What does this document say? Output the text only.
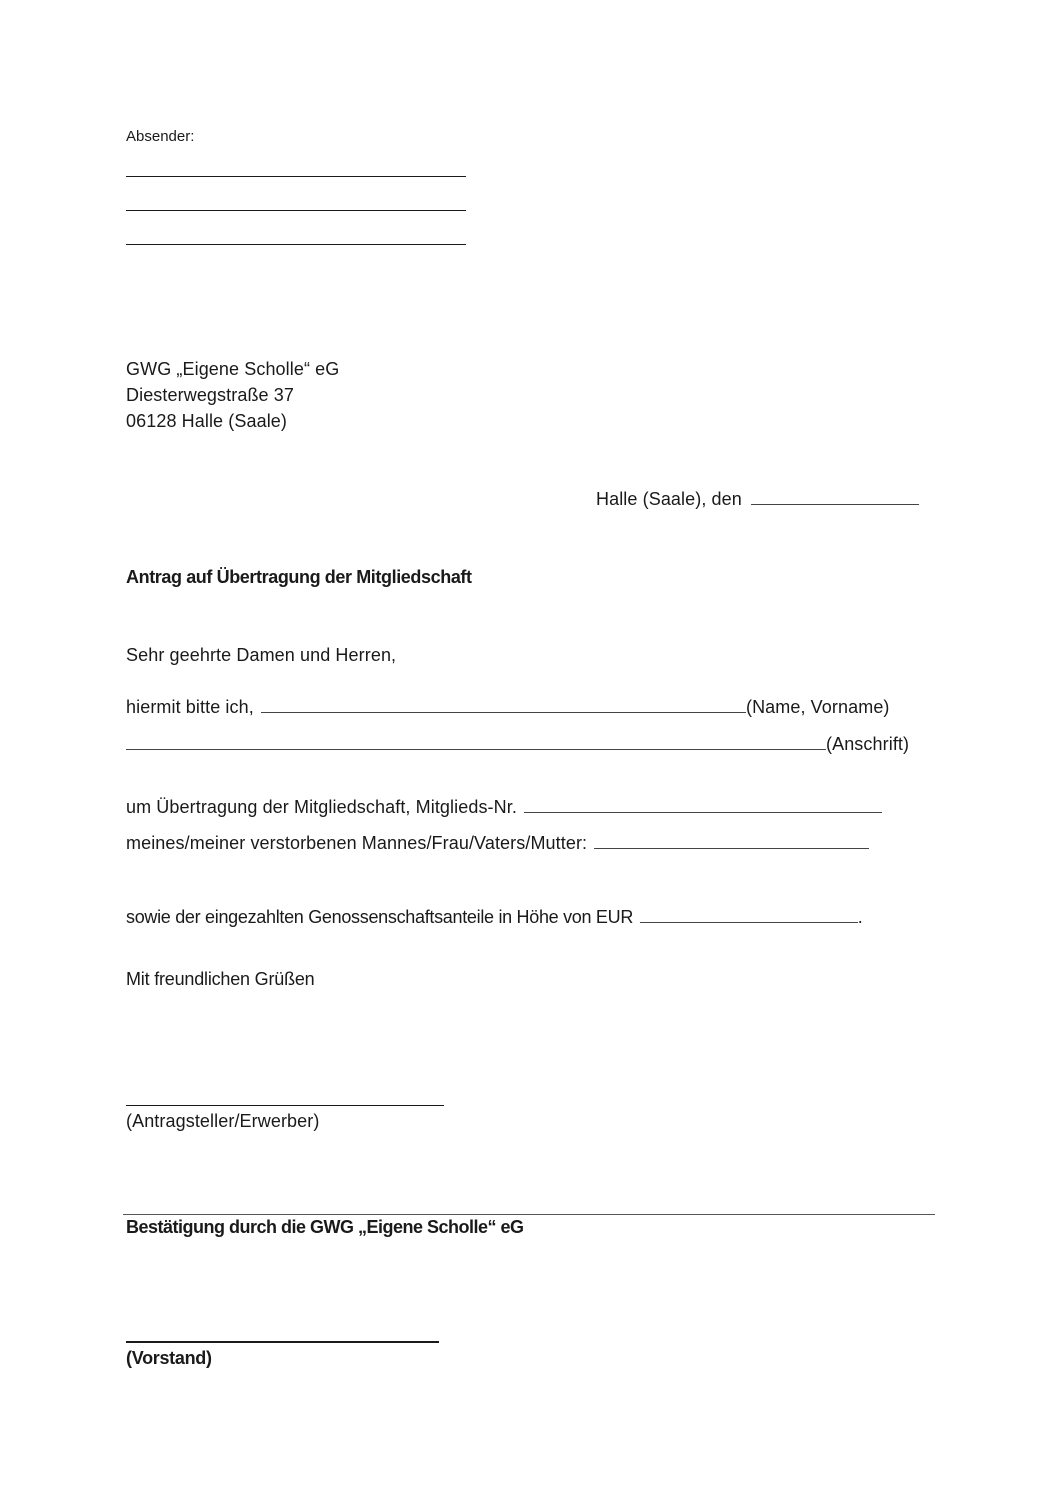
Absender:
GWG „Eigene Scholle“ eG
Diesterwegstraße 37
06128 Halle (Saale)
Halle (Saale), den
Antrag auf Übertragung der Mitgliedschaft
Sehr geehrte Damen und Herren,
hiermit bitte ich,	(Name, Vorname)
(Anschrift)
um Übertragung der Mitgliedschaft, Mitglieds-Nr.
meines/meiner verstorbenen Mannes/Frau/Vaters/Mutter:
sowie der eingezahlten Genossenschaftsanteile in Höhe von EUR	.
Mit freundlichen Grüßen
(Antragsteller/Erwerber)
Bestätigung durch die GWG „Eigene Scholle“ eG
(Vorstand)
